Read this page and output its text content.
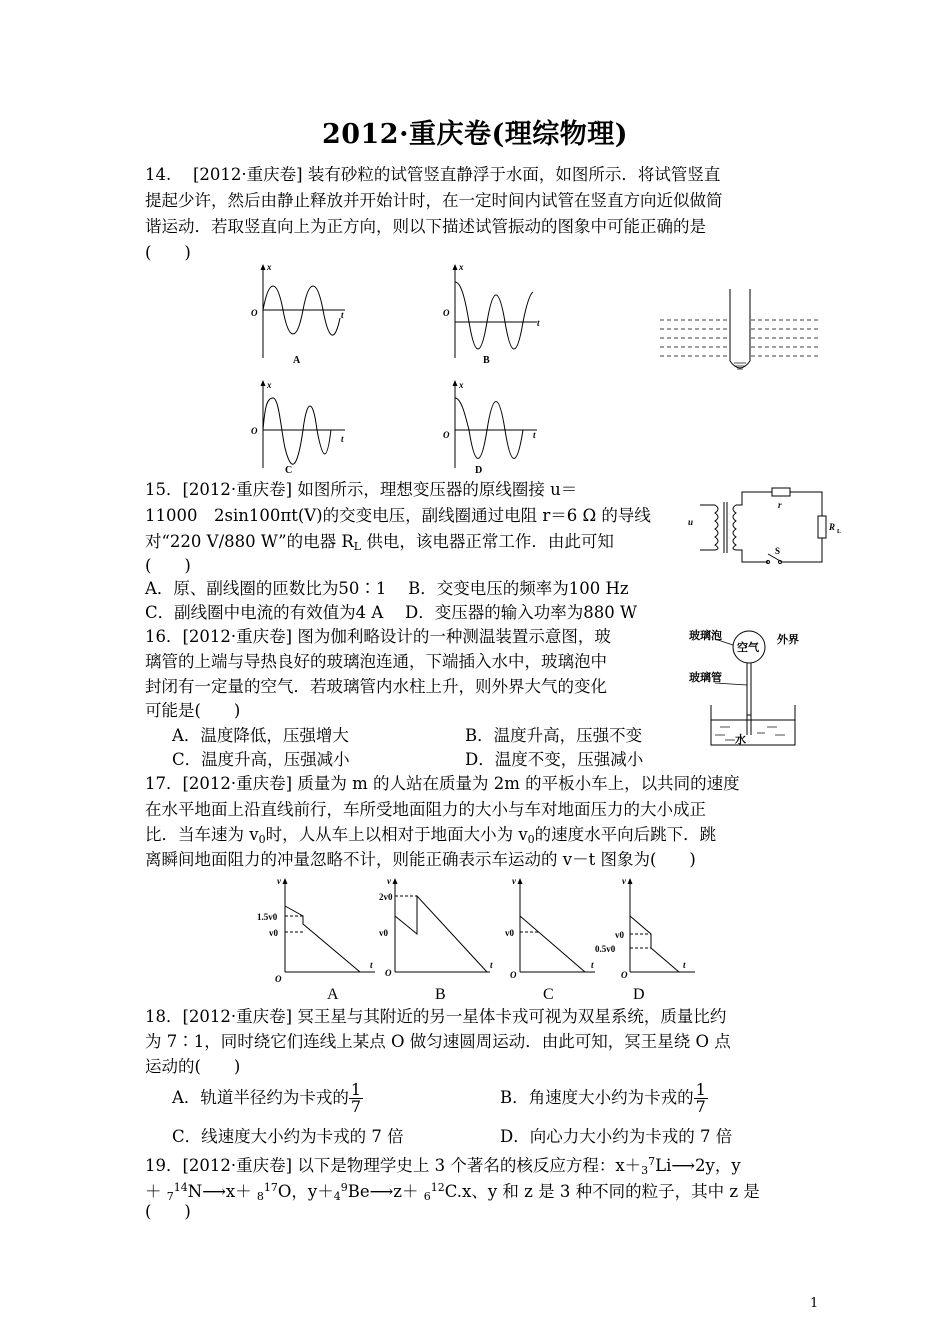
2012·重庆卷(理综物理)
14.　 [2012·重庆卷] 装有砂粒的试管竖直静浮于水面，如图所示．将试管竖直
提起少许，然后由静止释放并开始计时，在一定时间内试管在竖直方向近似做简
谐运动．若取竖直向上为正方向，则以下描述试管振动的图象中可能正确的是
(　　)
x
t
x
t
x
t
x
t
O	O
O	O
A	B
C	D
15．[2012·重庆卷] 如图所示，理想变压器的原线圈接 u＝
11000　2sin100πt(V)的交变电压，副线圈通过电阻 r＝6 Ω 的导线
对“220 V/880 W”的电器 $R_L$ 供电，该电器正常工作．由此可知
(　　)
A．原、副线圈的匝数比为50∶1　 B．交变电压的频率为100 Hz
C．副线圈中电流的有效值为4 A　 D．变压器的输入功率为880 W
u
r
R L
S
16．[2012·重庆卷] 图为伽利略设计的一种测温装置示意图，玻
璃管的上端与导热良好的玻璃泡连通，下端插入水中，玻璃泡中
封闭有一定量的空气．若玻璃管内水柱上升，则外界大气的变化
可能是(　　)
A．温度降低，压强增大	B．温度升高，压强不变
C．温度升高，压强减小	D．温度不变，压强减小
玻璃泡
空气
外界
玻璃管
水
17．[2012·重庆卷] 质量为 m 的人站在质量为 2m 的平板小车上，以共同的速度
在水平地面上沿直线前行，车所受地面阻力的大小与车对地面压力的大小成正
比．当车速为 $v_0$时，人从车上以相对于地面大小为 $v_0$的速度水平向后跳下．跳
离瞬间地面阻力的冲量忽略不计，则能正确表示车运动的 v－t 图象为(　　)
v	v	v	v
t	t	t	t
O
O	O	O
1.5v0
v0
2v0
v0	v0	v0
0.5v0
A	B	C	D
18．[2012·重庆卷] 冥王星与其附近的另一星体卡戎可视为双星系统，质量比约
为 7∶1，同时绕它们连线上某点 O 做匀速圆周运动．由此可知，冥王星绕 O 点
运动的(　　)
A．轨道半径约为卡戎的 $\frac{1}{7}$	B．角速度大小约为卡戎的 $\frac{1}{7}$
C．线速度大小约为卡戎的 7 倍	D．向心力大小约为卡戎的 7 倍
19．[2012·重庆卷] 以下是物理学史上 3 个著名的核反应方程：$x+_3^7Li⟶2y$，y
＋ $_7^{14}$N⟶x＋ $_8^{17}$O，$y+_4^9Be⟶z+ _6^{12}C.x$、y 和 z 是 3 种不同的粒子，其中 z 是
(　　)
1
